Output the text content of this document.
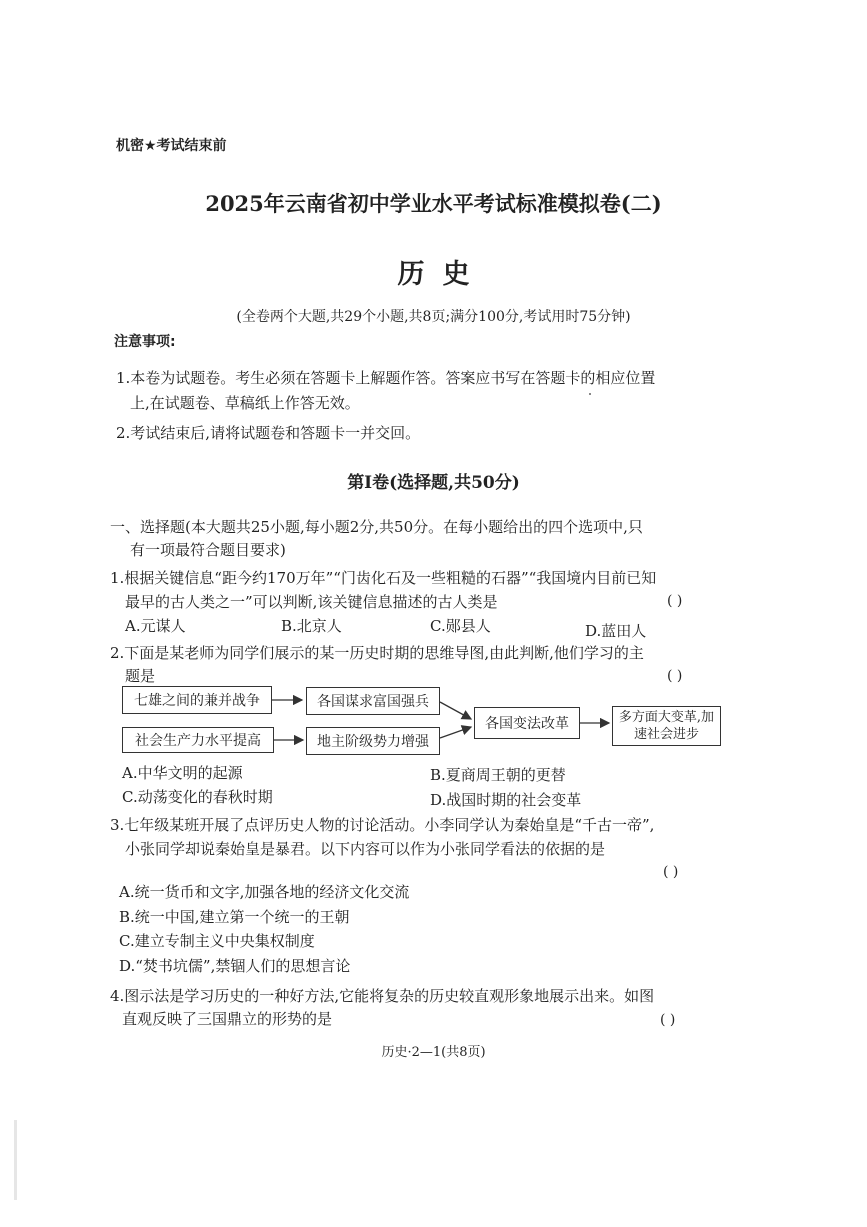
机密★考试结束前
2025年云南省初中学业水平考试标准模拟卷(二)
历史
(全卷两个大题,共29个小题,共8页;满分100分,考试用时75分钟)
注意事项:
1.本卷为试题卷。考生必须在答题卡上解题作答。答案应书写在答题卡的相应位置
上,在试题卷、草稿纸上作答无效。
2.考试结束后,请将试题卷和答题卡一并交回。
第Ⅰ卷(选择题,共50分)
一、选择题(本大题共25小题,每小题2分,共50分。在每小题给出的四个选项中,只
有一项最符合题目要求)
1.根据关键信息“距今约170万年”“门齿化石及一些粗糙的石器”“我国境内目前已知
最早的古人类之一”可以判断,该关键信息描述的古人类是	( )
A.元谋人	B.北京人	C.郧县人	D.蓝田人
2.下面是某老师为同学们展示的某一历史时期的思维导图,由此判断,他们学习的主
题是	( )
七雄之间的兼并战争	各国谋求富国强兵
社会生产力水平提高	地主阶级势力增强
各国变法改革	多方面大变革,加速社会进步
A.中华文明的起源	B.夏商周王朝的更替
C.动荡变化的春秋时期	D.战国时期的社会变革
3.七年级某班开展了点评历史人物的讨论活动。小李同学认为秦始皇是“千古一帝”,
小张同学却说秦始皇是暴君。以下内容可以作为小张同学看法的依据的是
( )
A.统一货币和文字,加强各地的经济文化交流
B.统一中国,建立第一个统一的王朝
C.建立专制主义中央集权制度
D.“焚书坑儒”,禁锢人们的思想言论
4.图示法是学习历史的一种好方法,它能将复杂的历史较直观形象地展示出来。如图
直观反映了三国鼎立的形势的是	( )
历史·2—1(共8页)
